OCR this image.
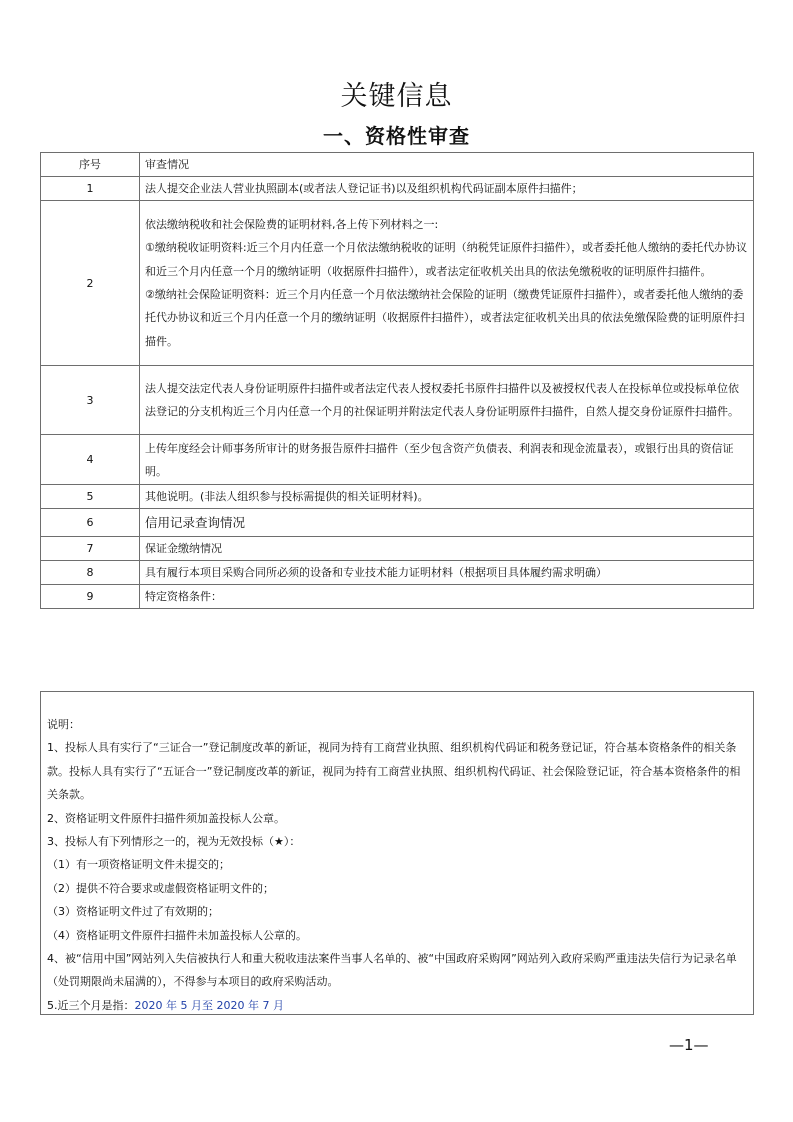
关键信息
一、资格性审查
序号	审查情况
1	法人提交企业法人营业执照副本(或者法人登记证书)以及组织机构代码证副本原件扫描件；
2	依法缴纳税收和社会保险费的证明材料,各上传下列材料之一:
①缴纳税收证明资料:近三个月内任意一个月依法缴纳税收的证明（纳税凭证原件扫描件），或者委托他人缴纳的委托代办协议和近三个月内任意一个月的缴纳证明（收据原件扫描件），或者法定征收机关出具的依法免缴税收的证明原件扫描件。
②缴纳社会保险证明资料：近三个月内任意一个月依法缴纳社会保险的证明（缴费凭证原件扫描件），或者委托他人缴纳的委托代办协议和近三个月内任意一个月的缴纳证明（收据原件扫描件），或者法定征收机关出具的依法免缴保险费的证明原件扫描件。

3	法人提交法定代表人身份证明原件扫描件或者法定代表人授权委托书原件扫描件以及被授权代表人在投标单位或投标单位依法登记的分支机构近三个月内任意一个月的社保证明并附法定代表人身份证明原件扫描件，自然人提交身份证原件扫描件。
4	上传年度经会计师事务所审计的财务报告原件扫描件（至少包含资产负债表、利润表和现金流量表），或银行出具的资信证明。
5	其他说明。(非法人组织参与投标需提供的相关证明材料)。
6	信用记录查询情况
7	保证金缴纳情况
8	具有履行本项目采购合同所必须的设备和专业技术能力证明材料（根据项目具体履约需求明确）
9	特定资格条件：
说明：
1、投标人具有实行了“三证合一”登记制度改革的新证，视同为持有工商营业执照、组织机构代码证和税务登记证，符合基本资格条件的相关条款。投标人具有实行了“五证合一”登记制度改革的新证，视同为持有工商营业执照、组织机构代码证、社会保险登记证，符合基本资格条件的相关条款。
2、资格证明文件原件扫描件须加盖投标人公章。
3、投标人有下列情形之一的，视为无效投标（★）：
（1）有一项资格证明文件未提交的；
（2）提供不符合要求或虚假资格证明文件的；
（3）资格证明文件过了有效期的；
（4）资格证明文件原件扫描件未加盖投标人公章的。
4、被“信用中国”网站列入失信被执行人和重大税收违法案件当事人名单的、被“中国政府采购网”网站列入政府采购严重违法失信行为记录名单（处罚期限尚未届满的），不得参与本项目的政府采购活动。
5.近三个月是指：2020 年 5 月至 2020 年 7 月
—1—
